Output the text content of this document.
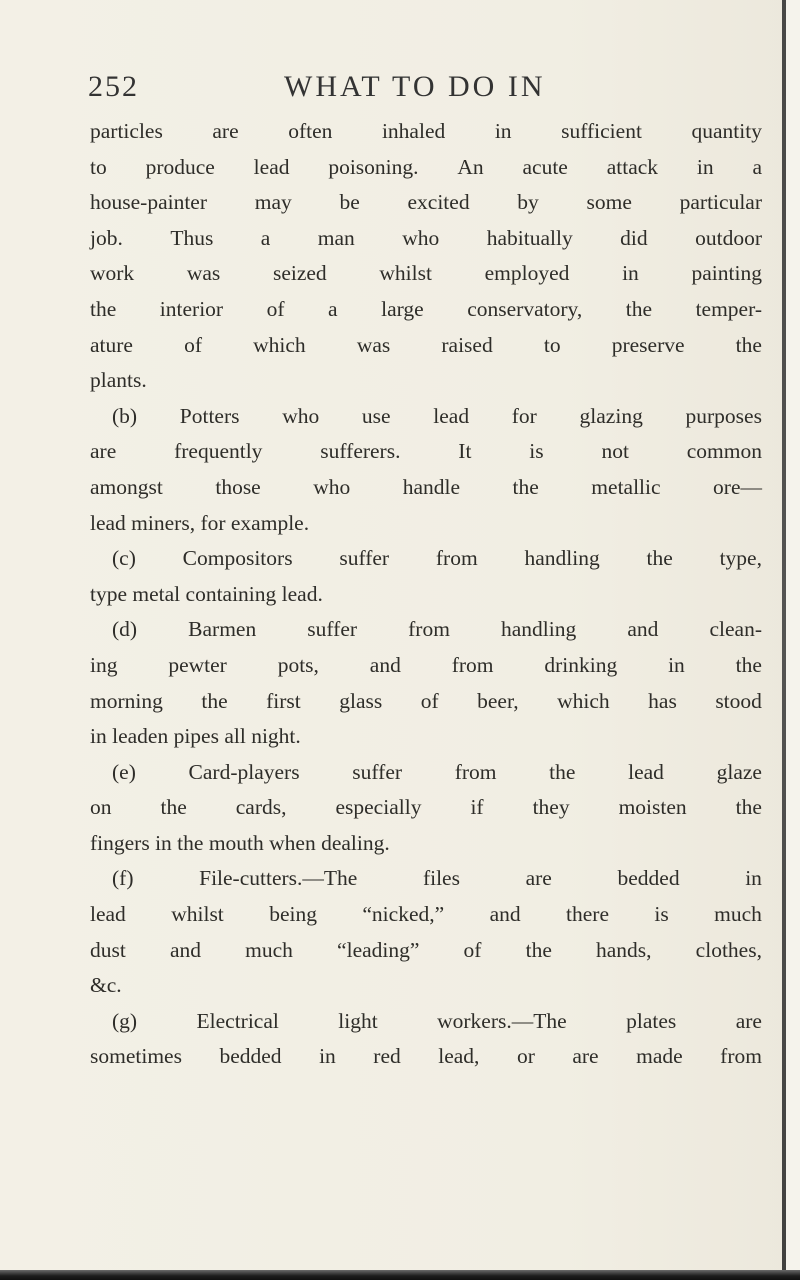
252	WHAT TO DO IN
particles are often inhaled in sufficient quantity
to produce lead poisoning. An acute attack in a
house-painter may be excited by some particular
job. Thus a man who habitually did outdoor
work was seized whilst employed in painting
the interior of a large conservatory, the temper-
ature of which was raised to preserve the
plants.
(b) Potters who use lead for glazing purposes
are	frequently	sufferers.	It	is	not	common
amongst those who handle the metallic ore—
lead miners, for example.
(c) Compositors suffer from handling the type,
type metal containing lead.
(d) Barmen suffer from handling and clean-
ing pewter pots, and from drinking in the
morning the first glass of beer, which has stood
in leaden pipes all night.
(e) Card-players suffer from the lead glaze
on the cards, especially if they moisten the
fingers in the mouth when dealing.
(f)	File-cutters.—The	files	are	bedded	in
lead whilst being “nicked,” and there is much
dust and much “leading” of the hands, clothes,
&c.
(g)	Electrical	light	workers.—The	plates	are
sometimes bedded in red lead, or are made from
